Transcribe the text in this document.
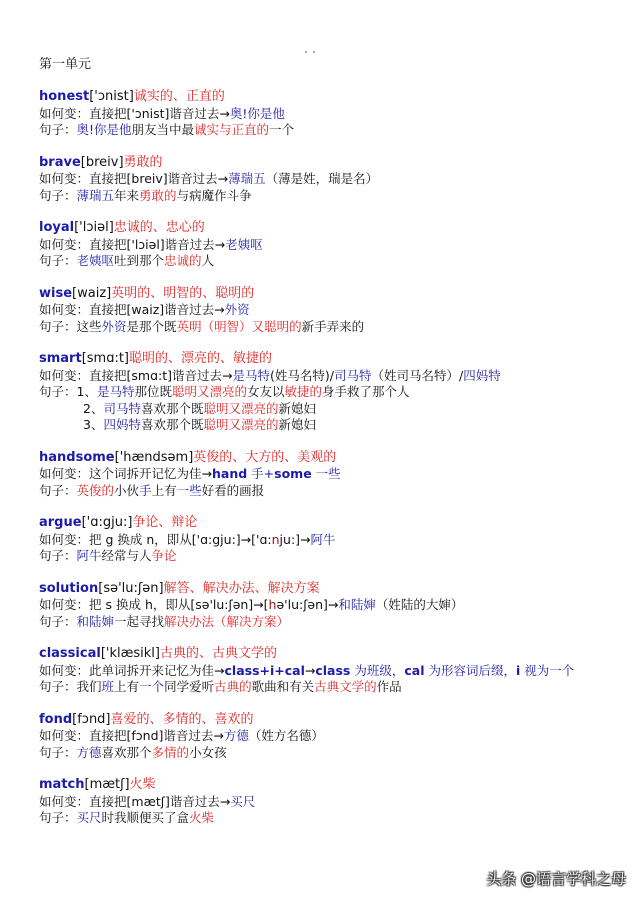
第一单元
honest['ɔnist]诚实的、正直的
如何变：直接把['ɔnist]谐音过去→奥!你是他
句子：奥!你是他朋友当中最诚实与正直的一个
brave[breiv]勇敢的
如何变：直接把[breiv]谐音过去→薄瑞五（薄是姓，瑞是名）
句子：薄瑞五年来勇敢的与病魔作斗争
loyal['lɔiəl]忠诚的、忠心的
如何变：直接把['lɔiəl]谐音过去→老姨呕
句子：老姨呕吐到那个忠诚的人
wise[waiz]英明的、明智的、聪明的
如何变：直接把[waiz]谐音过去→外资
句子：这些外资是那个既英明（明智）又聪明的新手弄来的
smart[smɑ:t]聪明的、漂亮的、敏捷的
如何变：直接把[smɑ:t]谐音过去→是马特(姓马名特)/司马特（姓司马名特）/四妈特
句子：1、是马特那位既聪明又漂亮的女友以敏捷的身手救了那个人
2、司马特喜欢那个既聪明又漂亮的新媳妇
3、四妈特喜欢那个既聪明又漂亮的新媳妇
handsome['hændsəm]英俊的、大方的、美观的
如何变：这个词拆开记忆为佳→hand 手+some 一些
句子：英俊的小伙手上有一些好看的画报
argue['ɑ:gju:]争论、辩论
如何变：把 g 换成 n，即从['ɑ:gju:]→['ɑ:nju:]→阿牛
句子：阿牛经常与人争论
solution[sə'lu:ʃən]解答、解决办法、解决方案
如何变：把 s 换成 h，即从[sə'lu:ʃən]→[hə'lu:ʃən]→和陆婶（姓陆的大婶）
句子：和陆婶一起寻找解决办法（解决方案）
classical['klæsikl]古典的、古典文学的
如何变：此单词拆开来记忆为佳→class+i+cal→class 为班级，cal 为形容词后缀，i 视为一个
句子：我们班上有一个同学爱听古典的歌曲和有关古典文学的作品
fond[fɔnd]喜爱的、多情的、喜欢的
如何变：直接把[fɔnd]谐音过去→方德（姓方名德）
句子：方德喜欢那个多情的小女孩
match[mætʃ]火柴
如何变：直接把[mætʃ]谐音过去→买尺
句子：买尺时我顺便买了盒火柴
头条 @语言学科之母
